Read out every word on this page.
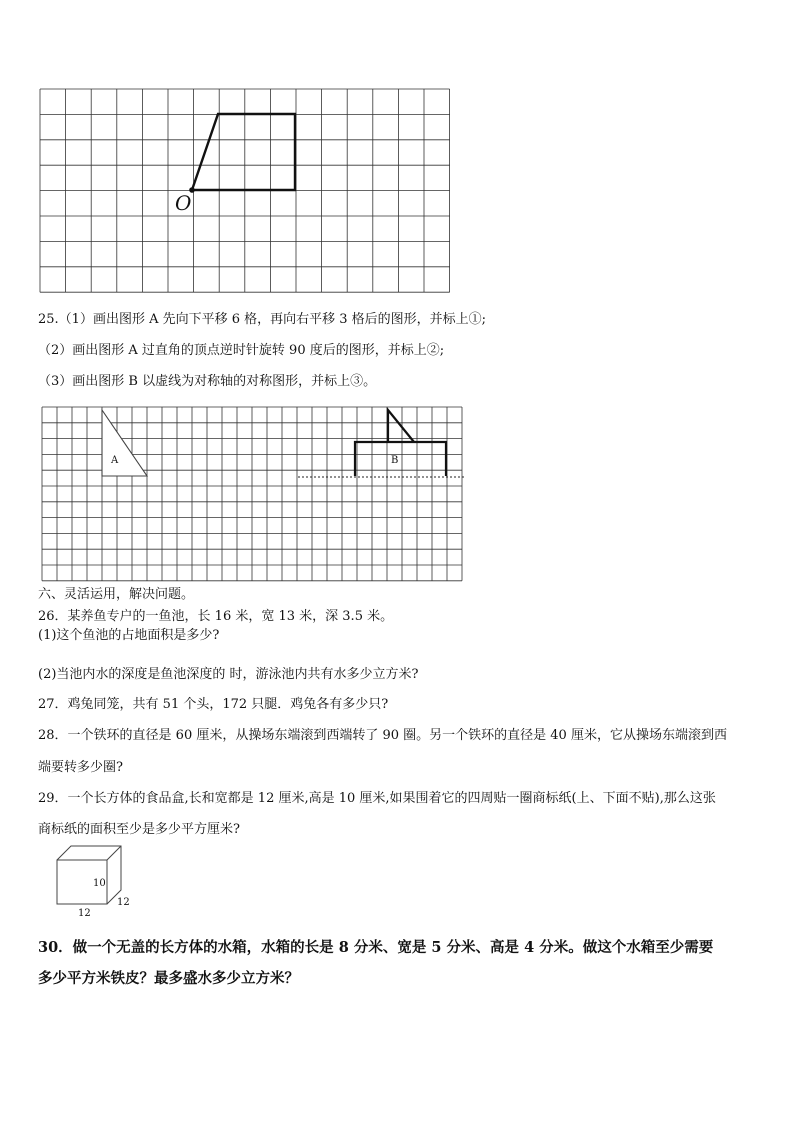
O
25.（1）画出图形 A 先向下平移 6 格，再向右平移 3 格后的图形，并标上①;
（2）画出图形 A 过直角的顶点逆时针旋转 90 度后的图形，并标上②;
（3）画出图形 B 以虚线为对称轴的对称图形，并标上③。
A	B
六、灵活运用，解决问题。
26．某养鱼专户的一鱼池，长 16 米，宽 13 米，深 3.5 米。
(1)这个鱼池的占地面积是多少?
(2)当池内水的深度是鱼池深度的 时，游泳池内共有水多少立方米?
27．鸡兔同笼，共有 51 个头，172 只腿．鸡兔各有多少只?
28．一个铁环的直径是 60 厘米，从操场东端滚到西端转了 90 圈。另一个铁环的直径是 40 厘米，它从操场东端滚到西
端要转多少圈?
29．一个长方体的食品盒,长和宽都是 12 厘米,高是 10 厘米,如果围着它的四周贴一圈商标纸(上、下面不贴),那么这张
商标纸的面积至少是多少平方厘米?
10
12
12
30．做一个无盖的长方体的水箱，水箱的长是 8 分米、宽是 5 分米、高是 4 分米。做这个水箱至少需要
多少平方米铁皮？最多盛水多少立方米？
